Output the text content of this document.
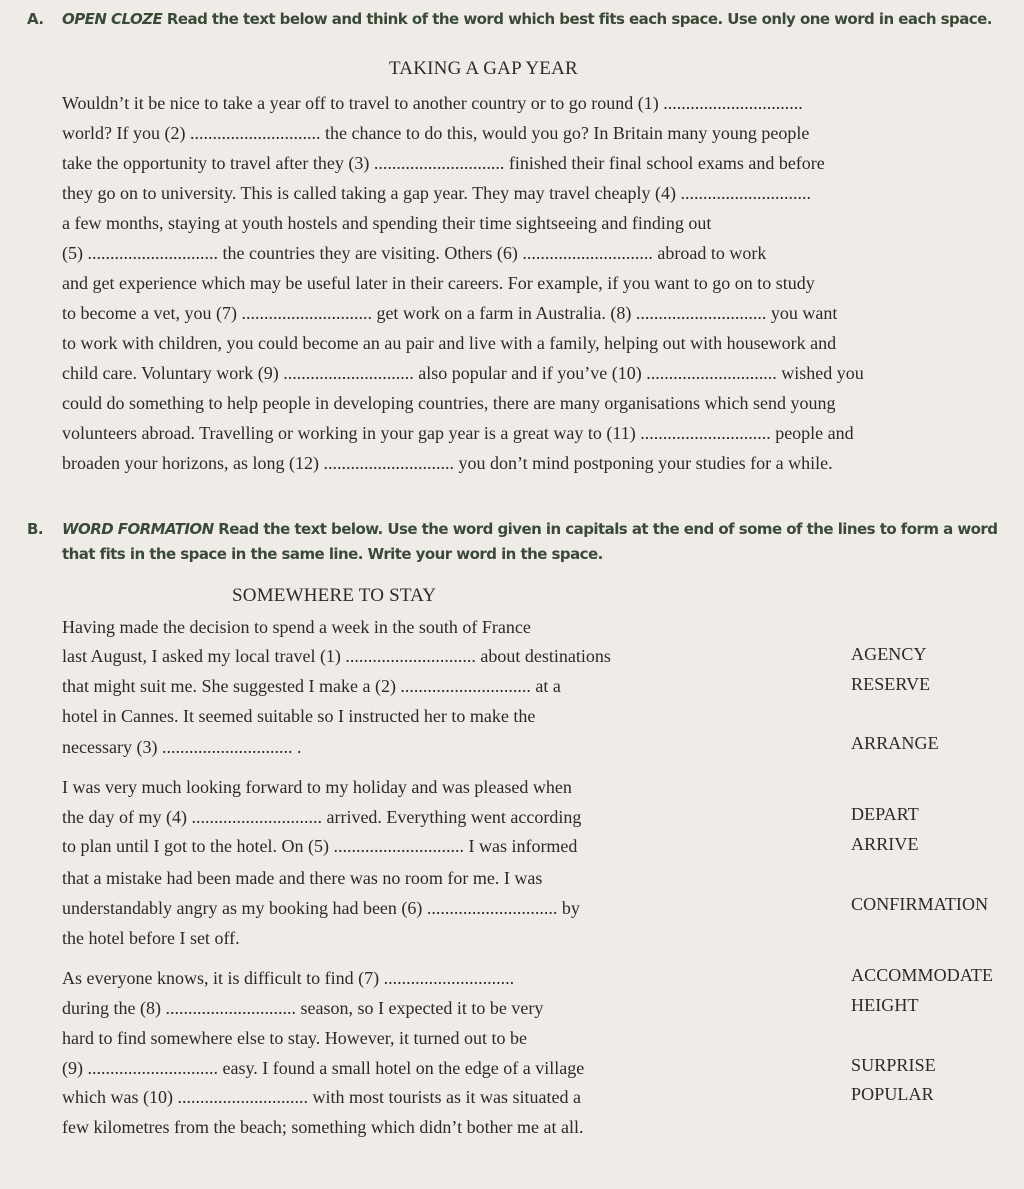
A. OPEN CLOZE Read the text below and think of the word which best fits each space. Use only one word in each space.
TAKING A GAP YEAR
Wouldn’t it be nice to take a year off to travel to another country or to go round (1) ...............................
world? If you (2) ............................. the chance to do this, would you go? In Britain many young people
take the opportunity to travel after they (3) ............................. finished their final school exams and before
they go on to university. This is called taking a gap year. They may travel cheaply (4) .............................
a few months, staying at youth hostels and spending their time sightseeing and finding out
(5) ............................. the countries they are visiting. Others (6) ............................. abroad to work
and get experience which may be useful later in their careers. For example, if you want to go on to study
to become a vet, you (7) ............................. get work on a farm in Australia. (8) ............................. you want
to work with children, you could become an au pair and live with a family, helping out with housework and
child care. Voluntary work (9) ............................. also popular and if you’ve (10) ............................. wished you
could do something to help people in developing countries, there are many organisations which send young
volunteers abroad. Travelling or working in your gap year is a great way to (11) ............................. people and
broaden your horizons, as long (12) ............................. you don’t mind postponing your studies for a while.
B. WORD FORMATION Read the text below. Use the word given in capitals at the end of some of the lines to form a word
that fits in the space in the same line. Write your word in the space.
SOMEWHERE TO STAY
Having made the decision to spend a week in the south of France
last August, I asked my local travel (1) ............................. about destinations
that might suit me. She suggested I make a (2) ............................. at a
hotel in Cannes. It seemed suitable so I instructed her to make the
necessary (3) ............................. .
I was very much looking forward to my holiday and was pleased when
the day of my (4) ............................. arrived. Everything went according
to plan until I got to the hotel. On (5) ............................. I was informed
that a mistake had been made and there was no room for me. I was
understandably angry as my booking had been (6) ............................. by
the hotel before I set off.
As everyone knows, it is difficult to find (7) .............................
during the (8) ............................. season, so I expected it to be very
hard to find somewhere else to stay. However, it turned out to be
(9) ............................. easy. I found a small hotel on the edge of a village
which was (10) ............................. with most tourists as it was situated a
few kilometres from the beach; something which didn’t bother me at all.
AGENCY
RESERVE
ARRANGE
DEPART
ARRIVE
CONFIRMATION
ACCOMMODATE
HEIGHT
SURPRISE
POPULAR
